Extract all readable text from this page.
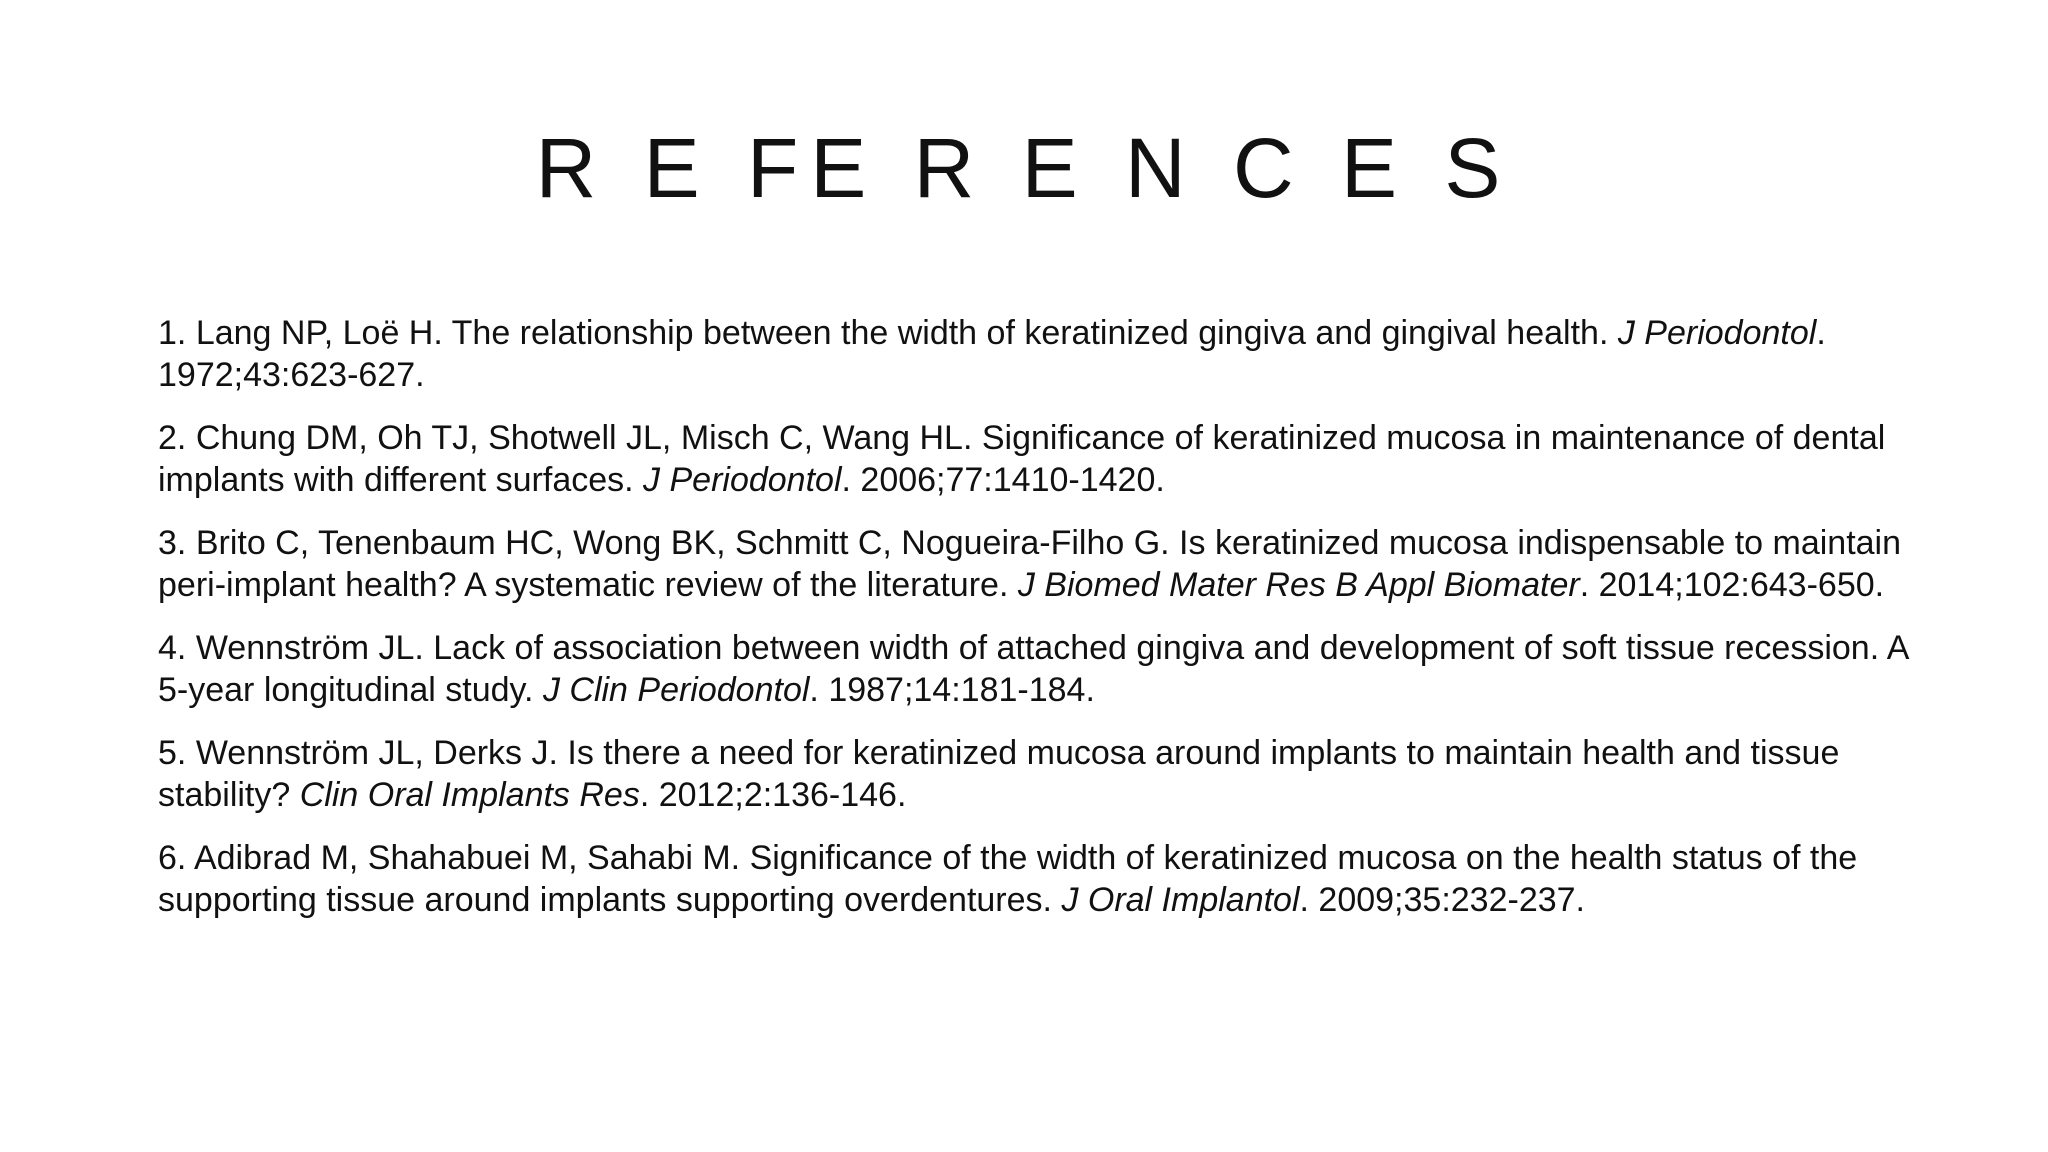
R E FE R E N C E S
1. Lang NP, Loë H. The relationship between the width of keratinized gingiva and gingival health. J Periodontol. 1972;43:623-627.
2. Chung DM, Oh TJ, Shotwell JL, Misch C, Wang HL. Significance of keratinized mucosa in maintenance of dental implants with different surfaces. J Periodontol. 2006;77:1410-1420.
3. Brito C, Tenenbaum HC, Wong BK, Schmitt C, Nogueira-Filho G. Is keratinized mucosa indispensable to maintain peri-implant health? A systematic review of the literature. J Biomed Mater Res B Appl Biomater. 2014;102:643-650.
4. Wennström JL. Lack of association between width of attached gingiva and development of soft tissue recession. A 5-year longitudinal study. J Clin Periodontol. 1987;14:181-184.
5. Wennström JL, Derks J. Is there a need for keratinized mucosa around implants to maintain health and tissue stability? Clin Oral Implants Res. 2012;2:136-146.
6. Adibrad M, Shahabuei M, Sahabi M. Significance of the width of keratinized mucosa on the health status of the supporting tissue around implants supporting overdentures. J Oral Implantol. 2009;35:232-237.
